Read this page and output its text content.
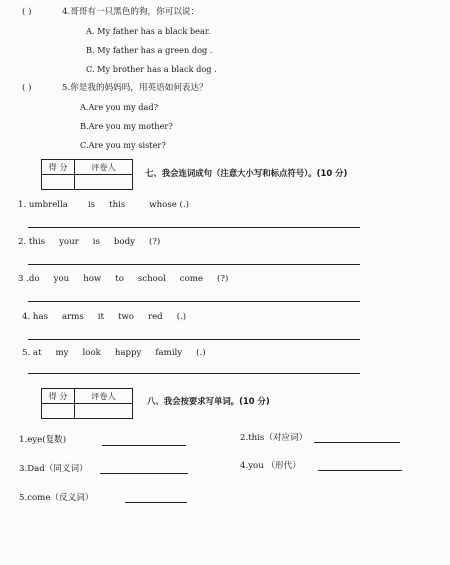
( )	4.哥哥有一只黑色的狗，你可以说：
A. My father has a black bear.
B. My father has a green dog .
C. My brother has a black dog .
( )	5.你是我的妈妈吗，用英语如何表达？
A.Are you my dad?
B.Are you my mother?
C.Are you my sister?
得 分	评卷人

七、我会连词成句（注意大小写和标点符号）。(10 分)
1. umbrella is this	whose (.)
2. this your is body (?)
3 .do you how to school come (?)
4. has arms it two red (.)
5. at my look happy family (.)
得 分	评卷人

八、我会按要求写单词。(10 分)
1.eye(复数)	2.this（对应词）
3.Dad（同义词）	4.you （形代）
5.come（反义词）
